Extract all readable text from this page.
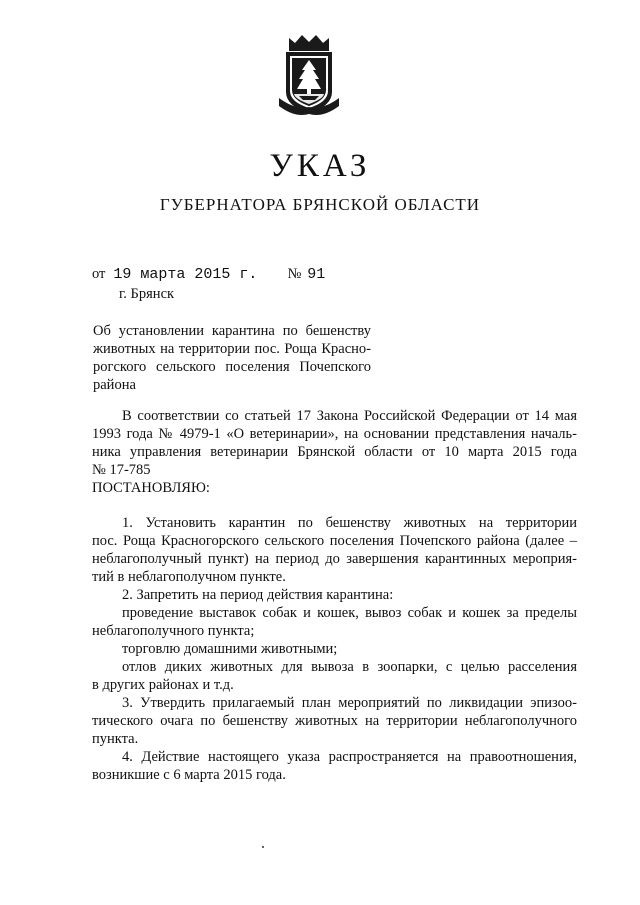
УКАЗ
ГУБЕРНАТОРА БРЯНСКОЙ ОБЛАСТИ
от 19 марта 2015 г. № 91
г. Брянск
Об установлении карантина по бешенству
животных на территории пос. Роща Красно-
рогского сельского поселения Почепского
района
В соответствии со статьей 17 Закона Российской Федерации от 14 мая
1993 года № 4979-1 «О ветеринарии», на основании представления началь-
ника управления ветеринарии Брянской области от 10 марта 2015 года
№ 17-785
ПОСТАНОВЛЯЮ:
1. Установить карантин по бешенству животных на территории
пос. Роща Красногорского сельского поселения Почепского района (далее –
неблагополучный пункт) на период до завершения карантинных мероприя-
тий в неблагополучном пункте.
2. Запретить на период действия карантина:
проведение выставок собак и кошек, вывоз собак и кошек за пределы
неблагополучного пункта;
торговлю домашними животными;
отлов диких животных для вывоза в зоопарки, с целью расселения
в других районах и т.д.
3. Утвердить прилагаемый план мероприятий по ликвидации эпизоо-
тического очага по бешенству животных на территории неблагополучного
пункта.
4. Действие настоящего указа распространяется на правоотношения,
возникшие с 6 марта 2015 года.
